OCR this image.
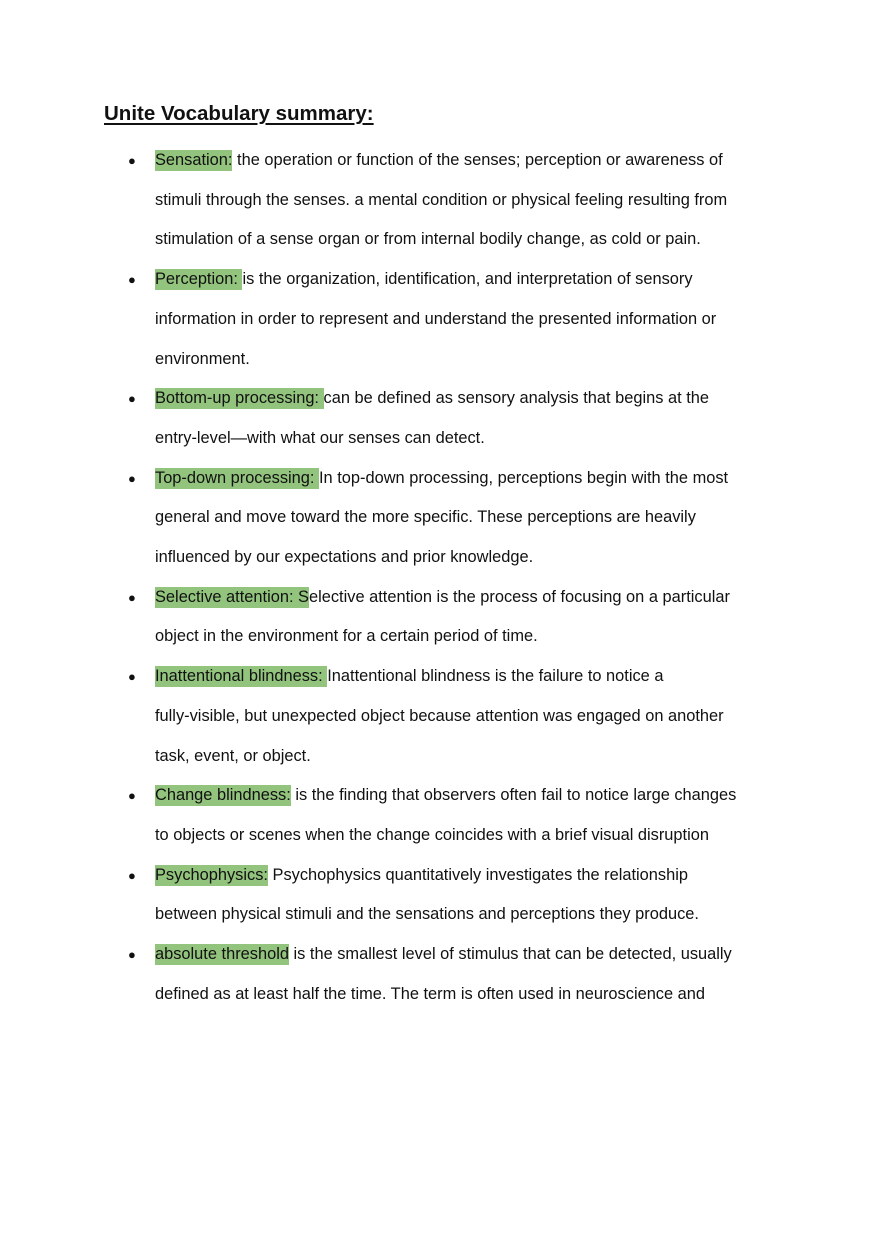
Unite Vocabulary summary:
● Sensation: the operation or function of the senses; perception or awareness of
stimuli through the senses. a mental condition or physical feeling resulting from
stimulation of a sense organ or from internal bodily change, as cold or pain.
● Perception: is the organization, identification, and interpretation of sensory
information in order to represent and understand the presented information or
environment.
● Bottom-up processing: can be defined as sensory analysis that begins at the
entry-level—with what our senses can detect.
● Top-down processing: In top-down processing, perceptions begin with the most
general and move toward the more specific. These perceptions are heavily
influenced by our expectations and prior knowledge.
● Selective attention: Selective attention is the process of focusing on a particular
object in the environment for a certain period of time.
● Inattentional blindness: Inattentional blindness is the failure to notice a
fully-visible, but unexpected object because attention was engaged on another
task, event, or object.
● Change blindness: is the finding that observers often fail to notice large changes
to objects or scenes when the change coincides with a brief visual disruption
● Psychophysics: Psychophysics quantitatively investigates the relationship
between physical stimuli and the sensations and perceptions they produce.
● absolute threshold is the smallest level of stimulus that can be detected, usually
defined as at least half the time. The term is often used in neuroscience and
